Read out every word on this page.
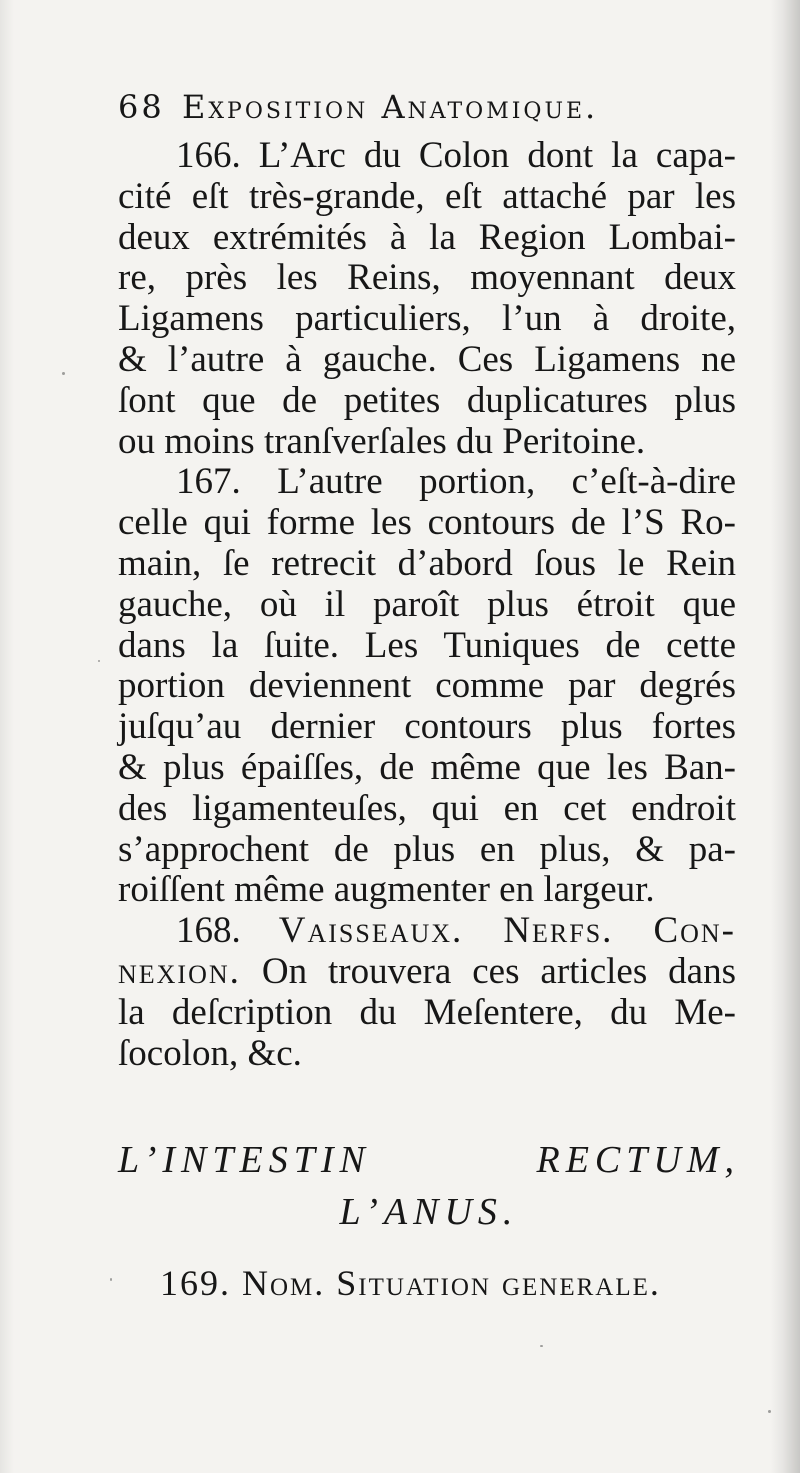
68 Exposition Anatomique.
166. L’Arc du Colon dont la capa-
cité eſt très-grande, eſt attaché par les
deux extrémités à la Region Lombai-
re, près les Reins, moyennant deux
Ligamens particuliers, l’un à droite,
& l’autre à gauche. Ces Ligamens ne
ſont que de petites duplicatures plus
ou moins tranſverſales du Peritoine.
167. L’autre portion, c’eſt-à-dire
celle qui forme les contours de l’S Ro-
main, ſe retrecit d’abord ſous le Rein
gauche, où il paroît plus étroit que
dans la ſuite. Les Tuniques de cette
portion deviennent comme par degrés
juſqu’au dernier contours plus fortes
& plus épaiſſes, de même que les Ban-
des ligamenteuſes, qui en cet endroit
s’approchent de plus en plus, & pa-
roiſſent même augmenter en largeur.
168. Vaisseaux. Nerfs. Con-
nexion. On trouvera ces articles dans
la deſcription du Meſentere, du Me-
ſocolon, &c.
L’INTESTIN RECTUM,
L’ANUS.
169. Nom. Situation generale.
